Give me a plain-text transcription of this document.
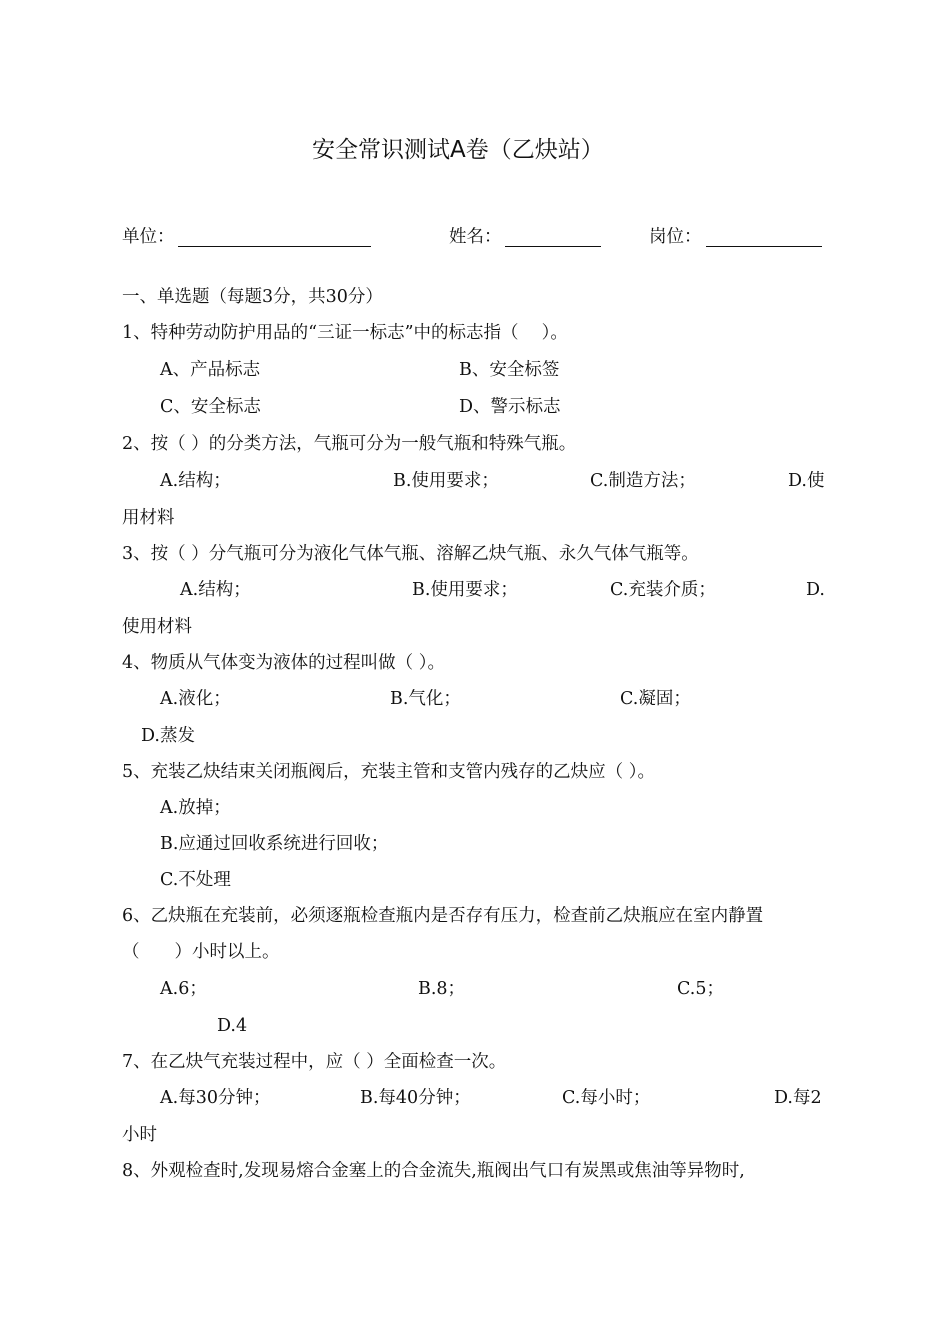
安全常识测试A卷（乙炔站）
单位：	姓名：	岗位：
一、单选题（每题3分，共30分）
1、特种劳动防护用品的“三证一标志”中的标志指（　 ）。
A、产品标志	B、安全标签
C、安全标志	D、警示标志
2、按（ ）的分类方法，气瓶可分为一般气瓶和特殊气瓶。
A.结构；	B.使用要求；	C.制造方法；	D.使
用材料
3、按（ ）分气瓶可分为液化气体气瓶、溶解乙炔气瓶、永久气体气瓶等。
A.结构；	B.使用要求；	C.充装介质；	D.
使用材料
4、物质从气体变为液体的过程叫做（ ）。
A.液化；	B.气化；	C.凝固；
D.蒸发
5、充装乙炔结束关闭瓶阀后，充装主管和支管内残存的乙炔应（ ）。
A.放掉；
B.应通过回收系统进行回收；
C.不处理
6、乙炔瓶在充装前，必须逐瓶检查瓶内是否存有压力，检查前乙炔瓶应在室内静置
（　　）小时以上。
A.6；	B.8；	C.5；
D.4
7、在乙炔气充装过程中，应（ ）全面检查一次。
A.每30分钟；	B.每40分钟；	C.每小时；	D.每2
小时
8、外观检查时,发现易熔合金塞上的合金流失,瓶阀出气口有炭黑或焦油等异物时,
